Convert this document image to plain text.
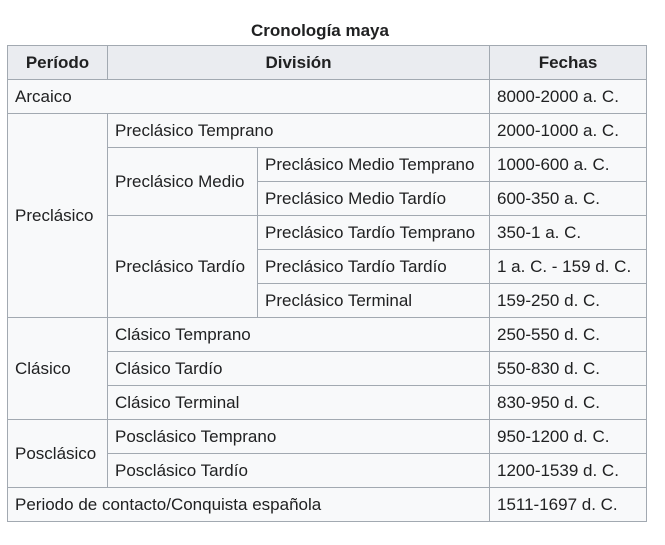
Cronología maya
Período	División		Fechas
Arcaico			8000-2000 a. C.
Preclásico	Preclásico Temprano		2000-1000 a. C.
	Preclásico Medio	Preclásico Medio Temprano	1000-600 a. C.
		Preclásico Medio Tardío	600-350 a. C.
	Preclásico Tardío	Preclásico Tardío Temprano	350-1 a. C.
		Preclásico Tardío Tardío	1 a. C. - 159 d. C.
		Preclásico Terminal	159-250 d. C.
Clásico	Clásico Temprano		250-550 d. C.
	Clásico Tardío		550-830 d. C.
	Clásico Terminal		830-950 d. C.
Posclásico	Posclásico Temprano		950-1200 d. C.
	Posclásico Tardío		1200-1539 d. C.
Periodo de contacto/Conquista española			1511-1697 d. C.
